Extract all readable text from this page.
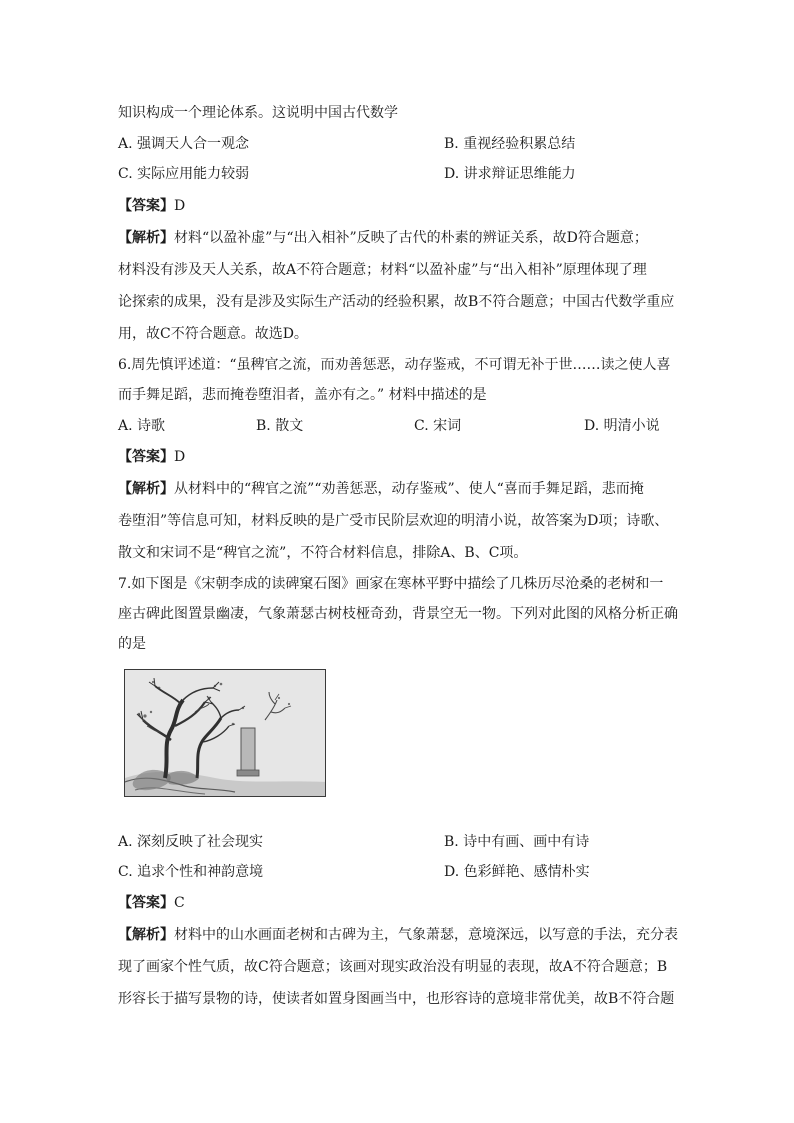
知识构成一个理论体系。这说明中国古代数学
A. 强调天人合一观念	B. 重视经验积累总结
C. 实际应用能力较弱	D. 讲求辩证思维能力
【答案】D
【解析】材料“以盈补虚”与“出入相补”反映了古代的朴素的辨证关系，故D符合题意；
材料没有涉及天人关系，故A不符合题意；材料“以盈补虚”与“出入相补”原理体现了理
论探索的成果，没有是涉及实际生产活动的经验积累，故B不符合题意；中国古代数学重应
用，故C不符合题意。故选D。
6.周先慎评述道：“虽稗官之流，而劝善惩恶，动存鉴戒，不可谓无补于世……读之使人喜
而手舞足蹈，悲而掩卷堕泪者，盖亦有之。” 材料中描述的是
A. 诗歌	B. 散文	C. 宋词	D. 明清小说
【答案】D
【解析】从材料中的“稗官之流”“劝善惩恶，动存鉴戒”、使人“喜而手舞足蹈，悲而掩
卷堕泪”等信息可知，材料反映的是广受市民阶层欢迎的明清小说，故答案为D项；诗歌、
散文和宋词不是“稗官之流”，不符合材料信息，排除A、B、C项。
7.如下图是《宋朝李成的读碑窠石图》画家在寒林平野中描绘了几株历尽沧桑的老树和一
座古碑此图置景幽凄，气象萧瑟古树枝桠奇劲，背景空无一物。下列对此图的风格分析正确
的是
A. 深刻反映了社会现实	B. 诗中有画、画中有诗
C. 追求个性和神韵意境	D. 色彩鲜艳、感情朴实
【答案】C
【解析】材料中的山水画面老树和古碑为主，气象萧瑟，意境深远，以写意的手法，充分表
现了画家个性气质，故C符合题意；该画对现实政治没有明显的表现，故A不符合题意；B
形容长于描写景物的诗，使读者如置身图画当中，也形容诗的意境非常优美，故B不符合题
